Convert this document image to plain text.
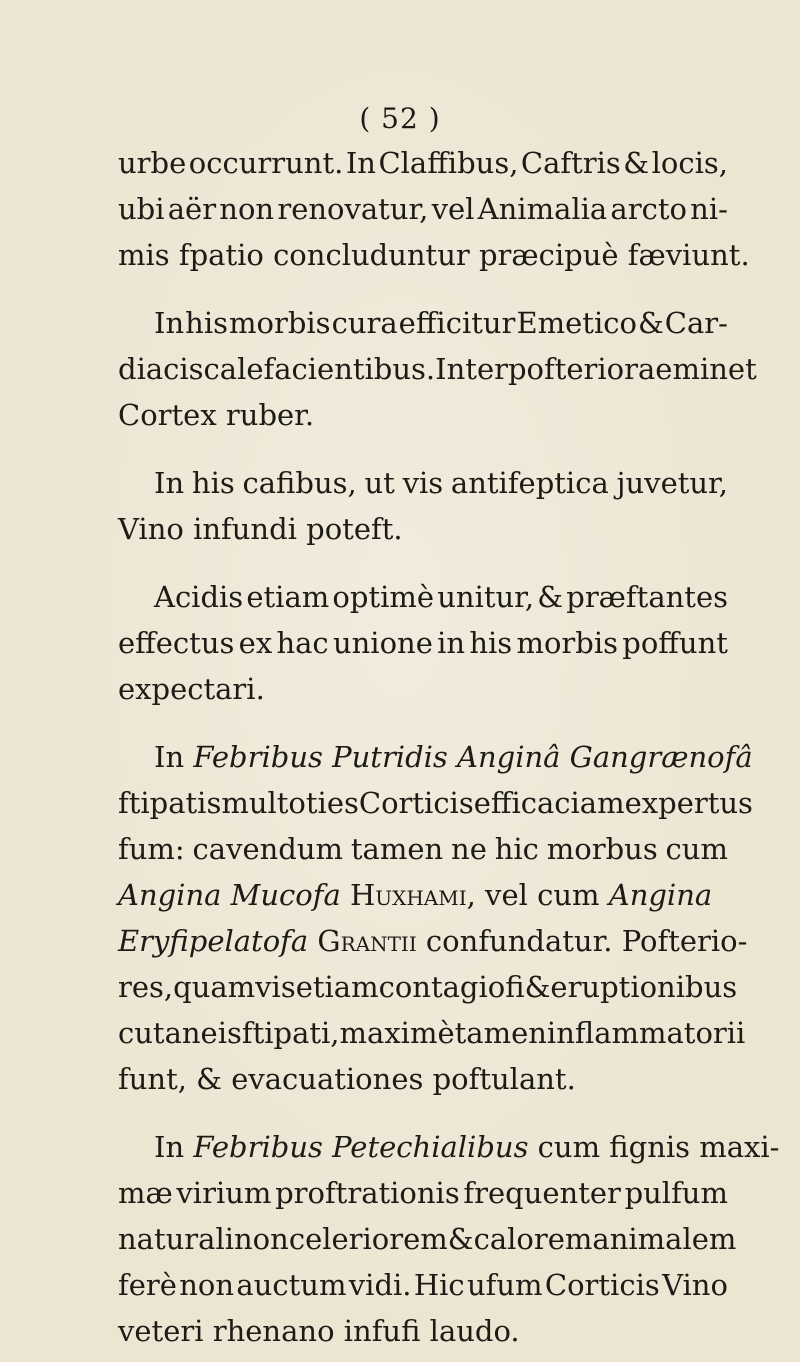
( 52 )
urbe occurrunt. In Claffibus, Caftris & locis,
ubi aër non renovatur, vel Animalia arcto ni-
mis fpatio concluduntur præcipuè fæviunt.
In his morbis cura efficitur Emetico & Car-
diacis calefacientibus. Inter pofteriora eminet
Cortex ruber.
In his cafibus, ut vis antifeptica juvetur,
Vino infundi poteft.
Acidis etiam optimè unitur, & præftantes
effectus ex hac unione in his morbis poffunt
expectari.
In Febribus Putridis Anginâ Gangrænofâ
ftipatis multoties Corticis efficaciam expertus
fum: cavendum tamen ne hic morbus cum
Angina Mucofa Huxhami, vel cum Angina
Eryfipelatofa Grantii confundatur. Pofterio-
res, quamvis etiam contagiofi & eruptionibus
cutaneis ftipati, maximè tamen inflammatorii
funt, & evacuationes poftulant.
In Febribus Petechialibus cum fignis maxi-
mæ virium proftrationis frequenter pulfum
naturali non celeriorem & calorem animalem
ferè non auctum vidi. Hic ufum Corticis Vino
veteri rhenano infufi laudo.
